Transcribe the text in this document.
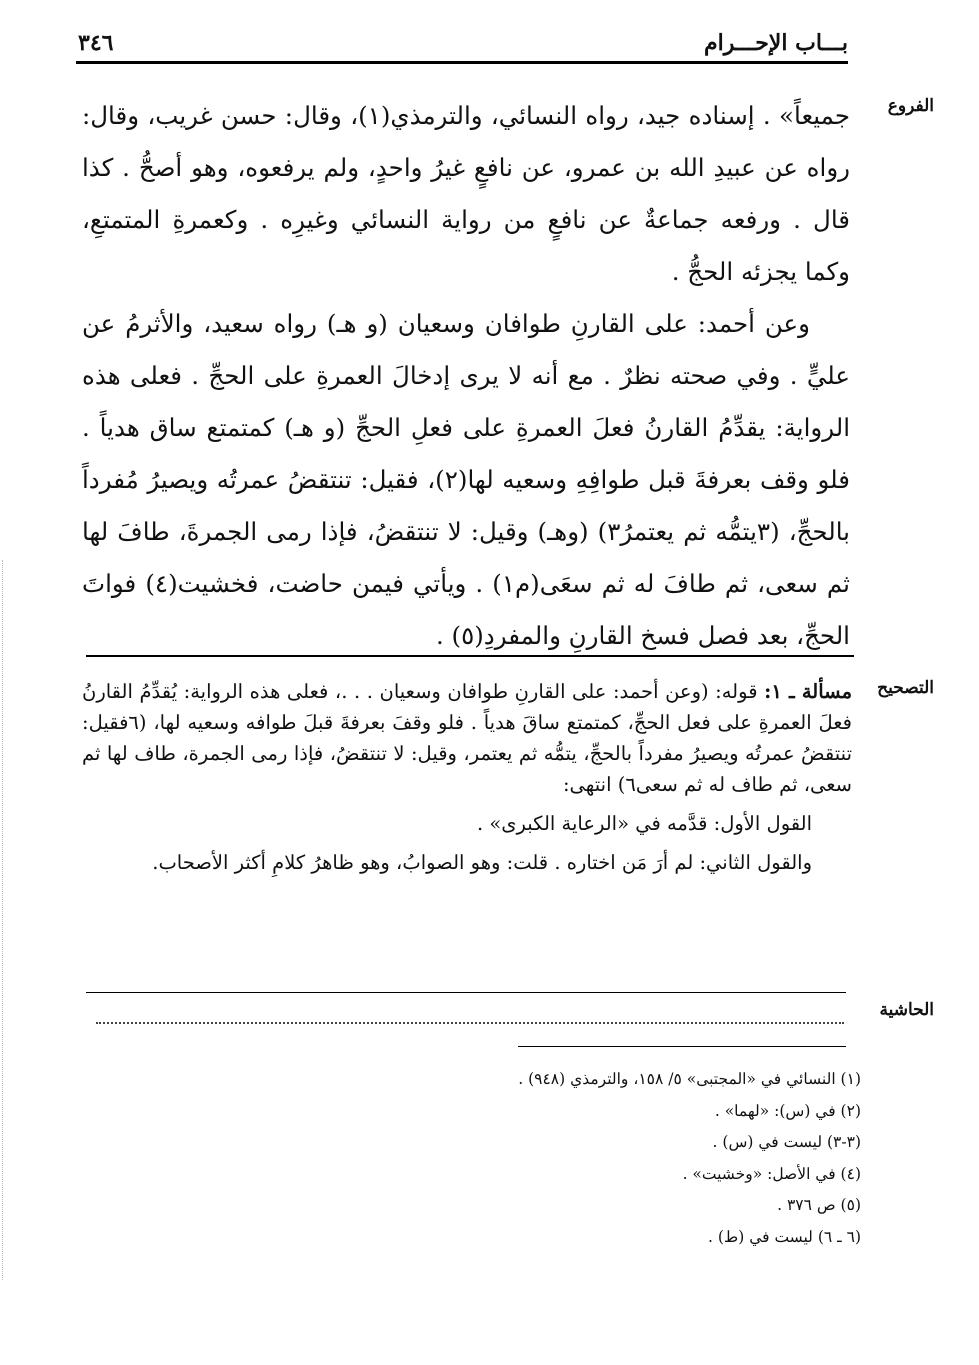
بـــاب الإحـــرام
٣٤٦
الفروع

جميعاً» . إسناده جيد، رواه النسائي، والترمذي(١)، وقال: حسن غريب، وقال: رواه عن عبيدِ الله بن عمرو، عن نافعٍ غيرُ واحدٍ، ولم يرفعوه، وهو أصحُّ . كذا قال . ورفعه جماعةٌ عن نافعٍ من رواية النسائي وغيرِه . وكعمرةِ المتمتعِ، وكما يجزئه الحجُّ .

وعن أحمد: على القارنِ طوافان وسعيان (و هـ) رواه سعيد، والأثرمُ عن عليٍّ . وفي صحته نظرٌ . مع أنه لا يرى إدخالَ العمرةِ على الحجِّ . فعلى هذه الرواية: يقدِّمُ القارنُ فعلَ العمرةِ على فعلِ الحجِّ (و هـ) كمتمتع ساق هدياً . فلو وقف بعرفةَ قبل طوافِهِ وسعيه لها(٢)، فقيل: تنتقضُ عمرتُه ويصيرُ مُفرداً بالحجِّ، (٣يتمُّه ثم يعتمرُ٣) (وهـ) وقيل: لا تنتقضُ، فإذا رمى الجمرةَ، طافَ لها ثم سعى، ثم طافَ له ثم سعَى(م١) . ويأتي فيمن حاضت، فخشيت(٤) فواتَ الحجِّ، بعد فصل فسخ القارنِ والمفردِ(٥) .

التصحيح

مسألة ـ ١: قوله: (وعن أحمد: على القارنِ طوافان وسعيان . . .، فعلى هذه الرواية: يُقدِّمُ القارنُ فعلَ العمرةِ على فعل الحجِّ، كمتمتع ساقَ هدياً . فلو وقفَ بعرفةَ قبلَ طوافه وسعيه لها، (٦فقيل: تنتقضُ عمرتُه ويصيرُ مفرداً بالحجِّ، يتمُّه ثم يعتمر، وقيل: لا تنتقضُ، فإذا رمى الجمرة، طاف لها ثم سعى، ثم طاف له ثم سعى٦) انتهى:

القول الأول: قدَّمه في «الرعاية الكبرى» .

والقول الثاني: لم أرَ مَن اختاره . قلت: وهو الصوابُ، وهو ظاهرُ كلامِ أكثر الأصحاب.

الحاشية
(١) النسائي في «المجتبى» ٥/ ١٥٨، والترمذي (٩٤٨) .
(٢) في (س): «لهما» .
(٣-٣) ليست في (س) .
(٤) في الأصل: «وخشيت» .
(٥) ص ٣٧٦ .
(٦ ـ ٦) ليست في (ط) .
